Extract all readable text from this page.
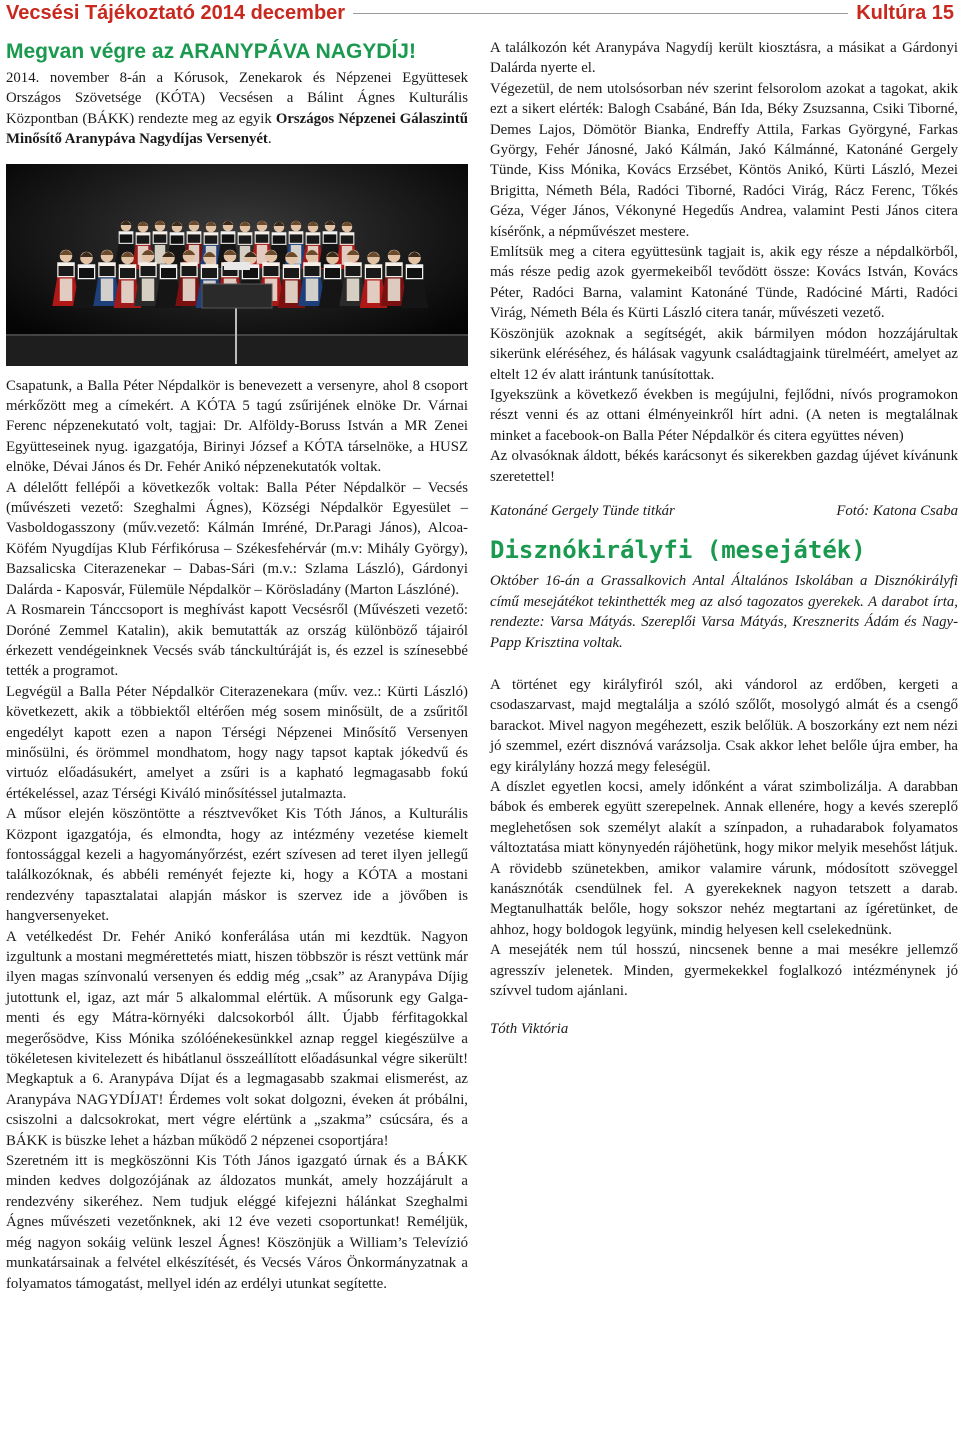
Vecsési Tájékoztató 2014 december	Kultúra 15
Megvan végre az ARANYPÁVA NAGYDÍJ!

2014. november 8-án a Kórusok, Zenekarok és Népzenei Együttesek Országos Szövetsége (KÓTA) Vecsésen a Bálint Ágnes Kulturális Központban (BÁKK) rendezte meg az egyik Országos Népzenei Gálaszintű Minősítő Aranypáva Nagydíjas Versenyét.

Csapatunk, a Balla Péter Népdalkör is benevezett a versenyre, ahol 8 csoport mérkőzött meg a címekért. A KÓTA 5 tagú zsűrijének elnöke Dr. Várnai Ferenc népzenekutató volt, tagjai: Dr. Alföldy-Boruss István a MR Zenei Együtteseinek nyug. igazgatója, Birinyi József a KÓTA társelnöke, a HUSZ elnöke, Dévai János és Dr. Fehér Anikó népzenekutatók voltak.

A délelőtt fellépői a következők voltak: Balla Péter Népdalkör – Vecsés (művészeti vezető: Szeghalmi Ágnes), Községi Népdalkör Egyesület – Vasboldogasszony (műv.vezető: Kálmán Imréné, Dr.Paragi János), Alcoa-Köfém Nyugdíjas Klub Férfikórusa – Székesfehérvár (m.v: Mihály György), Bazsalicska Citerazenekar – Dabas-Sári (m.v.: Szlama László), Gárdonyi Dalárda - Kaposvár, Fülemüle Népdalkör – Körösladány (Marton Lászlóné).

A Rosmarein Tánccsoport is meghívást kapott Vecsésről (Művészeti vezető: Doróné Zemmel Katalin), akik bemutatták az ország különböző tájairól érkezett vendégeinknek Vecsés sváb tánckultúráját is, és ezzel is színesebbé tették a programot.

Legvégül a Balla Péter Népdalkör Citerazenekara (műv. vez.: Kürti László) következett, akik a többiektől eltérően még sosem minősült, de a zsűritől engedélyt kapott ezen a napon Térségi Népzenei Minősítő Versenyen minősülni, és örömmel mondhatom, hogy nagy tapsot kaptak jókedvű és virtuóz előadásukért, amelyet a zsűri is a kapható legmagasabb fokú értékeléssel, azaz Térségi Kiváló minősítéssel jutalmazta.

A műsor elején köszöntötte a résztvevőket Kis Tóth János, a Kulturális Központ igazgatója, és elmondta, hogy az intézmény vezetése kiemelt fontossággal kezeli a hagyományőrzést, ezért szívesen ad teret ilyen jellegű találkozóknak, és abbéli reményét fejezte ki, hogy a KÓTA a mostani rendezvény tapasztalatai alapján máskor is szervez ide a jövőben is hangversenyeket.

A vetélkedést Dr. Fehér Anikó konferálása után mi kezdtük. Nagyon izgultunk a mostani megmérettetés miatt, hiszen többször is részt vettünk már ilyen magas színvonalú versenyen és eddig még „csak” az Aranypáva Díjig jutottunk el, igaz, azt már 5 alkalommal elértük. A műsorunk egy Galga-menti és egy Mátra-környéki dalcsokorból állt. Újabb férfitagokkal megerősödve, Kiss Mónika szólóénekesünkkel aznap reggel kiegészülve a tökéletesen kivitelezett és hibátlanul összeállított előadásunkal végre sikerült! Megkaptuk a 6. Aranypáva Díjat és a legmagasabb szakmai elismerést, az Aranypáva NAGYDÍJAT! Érdemes volt sokat dolgozni, éveken át próbálni, csiszolni a dalcsokrokat, mert végre elértünk a „szakma” csúcsára, és a BÁKK is büszke lehet a házban működő 2 népzenei csoportjára!

Szeretném itt is megköszönni Kis Tóth János igazgató úrnak és a BÁKK minden kedves dolgozójának az áldozatos munkát, amely hozzájárult a rendezvény sikeréhez. Nem tudjuk eléggé kifejezni hálánkat Szeghalmi Ágnes művészeti vezetőnknek, aki 12 éve vezeti csoportunkat! Reméljük, még nagyon sokáig velünk leszel Ágnes! Köszönjük a William’s Televízió munkatársainak a felvétel elkészítését, és Vecsés Város Önkormányzatnak a folyamatos támogatást, mellyel idén az erdélyi utunkat segítette.

A találkozón két Aranypáva Nagydíj került kiosztásra, a másikat a Gárdonyi Dalárda nyerte el.

Végezetül, de nem utolsósorban név szerint felsorolom azokat a tagokat, akik ezt a sikert elérték: Balogh Csabáné, Bán Ida, Béky Zsuzsanna, Csiki Tiborné, Demes Lajos, Dömötör Bianka, Endreffy Attila, Farkas Györgyné, Farkas György, Fehér Jánosné, Jakó Kálmán, Jakó Kálmánné, Katonáné Gergely Tünde, Kiss Mónika, Kovács Erzsébet, Köntös Anikó, Kürti László, Mezei Brigitta, Németh Béla, Radóci Tiborné, Radóci Virág, Rácz Ferenc, Tőkés Géza, Véger János, Vékonyné Hegedűs Andrea, valamint Pesti János citera kísérőnk, a népművészet mestere.

Említsük meg a citera együttesünk tagjait is, akik egy része a népdalkörből, más része pedig azok gyermekeiből tevődött össze: Kovács István, Kovács Péter, Radóci Barna, valamint Katonáné Tünde, Radóciné Márti, Radóci Virág, Németh Béla és Kürti László citera tanár, művészeti vezető.

Köszönjük azoknak a segítségét, akik bármilyen módon hozzájárultak sikerünk eléréséhez, és hálásak vagyunk családtagjaink türelméért, amelyet az eltelt 12 év alatt irántunk tanúsítottak.

Igyekszünk a következő években is megújulni, fejlődni, nívós programokon részt venni és az ottani élményeinkről hírt adni. (A neten is megtalálnak minket a facebook-on Balla Péter Népdalkör és citera együttes néven)

Az olvasóknak áldott, békés karácsonyt és sikerekben gazdag újévet kívánunk szeretettel!

Katonáné Gergely Tünde titkár	Fotó: Katona Csaba
Disznókirályfi (mesejáték)

Október 16-án a Grassalkovich Antal Általános Iskolában a Disznókirályfi című mesejátékot tekinthették meg az alsó tagozatos gyerekek. A darabot írta, rendezte: Varsa Mátyás. Szereplői Varsa Mátyás, Kresznerits Ádám és Nagy-Papp Krisztina voltak.

A történet egy királyfiról szól, aki vándorol az erdőben, kergeti a csodaszarvast, majd megtalálja a szóló szőlőt, mosolygó almát és a csengő barackot. Mivel nagyon megéhezett, eszik belőlük. A boszorkány ezt nem nézi jó szemmel, ezért disznóvá varázsolja. Csak akkor lehet belőle újra ember, ha egy királylány hozzá megy feleségül.

A díszlet egyetlen kocsi, amely időnként a várat szimbolizálja. A darabban bábok és emberek együtt szerepelnek. Annak ellenére, hogy a kevés szereplő meglehetősen sok személyt alakít a színpadon, a ruhadarabok folyamatos változtatása miatt könynyedén rájöhetünk, hogy mikor melyik mesehőst látjuk. A rövidebb szünetekben, amikor valamire várunk, módosított szöveggel kanásznóták csendülnek fel. A gyerekeknek nagyon tetszett a darab. Megtanulhatták belőle, hogy sokszor nehéz megtartani az ígéretünket, de ahhoz, hogy boldogok legyünk, mindig helyesen kell cselekednünk.

A mesejáték nem túl hosszú, nincsenek benne a mai mesékre jellemző agresszív jelenetek. Minden, gyermekekkel foglalkozó intézménynek jó szívvel tudom ajánlani.

Tóth Viktória
